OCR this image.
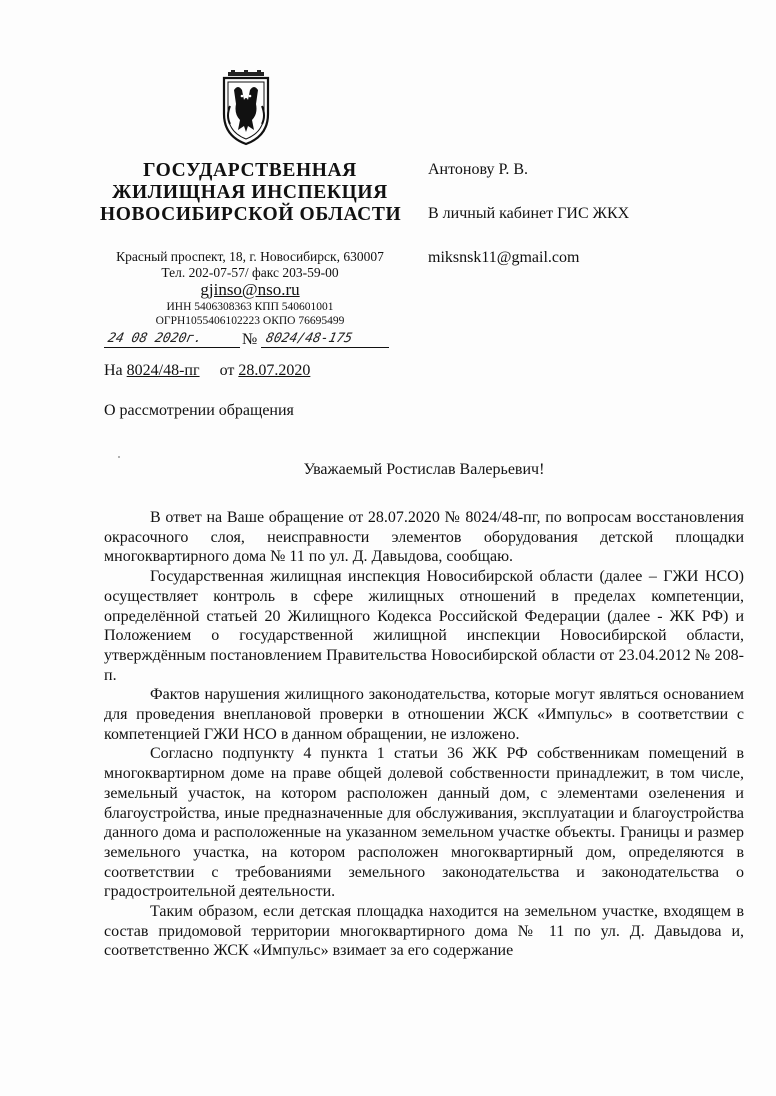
ГОСУДАРСТВЕННАЯ
ЖИЛИЩНАЯ ИНСПЕКЦИЯ
НОВОСИБИРСКОЙ ОБЛАСТИ
Красный проспект, 18, г. Новосибирск, 630007
Тел. 202-07-57/ факс 203-59-00
gjinso@nso.ru
ИНН 5406308363 КПП 540601001
ОГРН1055406102223 ОКПО 76695499
24 08 2020г. № 8024/48-175
На 8024/48-пг от 28.07.2020
О рассмотрении обращения
Антонову Р. В.
В личный кабинет ГИС ЖКХ
miksnsk11@gmail.com
Уважаемый Ростислав Валерьевич!

В ответ на Ваше обращение от 28.07.2020 № 8024/48-пг, по вопросам восстановления окрасочного слоя, неисправности элементов оборудования детской площадки многоквартирного дома № 11 по ул. Д. Давыдова, сообщаю.

Государственная жилищная инспекция Новосибирской области (далее – ГЖИ НСО) осуществляет контроль в сфере жилищных отношений в пределах компетенции, определённой статьей 20 Жилищного Кодекса Российской Федерации (далее - ЖК РФ) и Положением о государственной жилищной инспекции Новосибирской области, утверждённым постановлением Правительства Новосибирской области от 23.04.2012 № 208-п.

Фактов нарушения жилищного законодательства, которые могут являться основанием для проведения внеплановой проверки в отношении ЖСК «Импульс» в соответствии с компетенцией ГЖИ НСО в данном обращении, не изложено.

Согласно подпункту 4 пункта 1 статьи 36 ЖК РФ собственникам помещений в многоквартирном доме на праве общей долевой собственности принадлежит, в том числе, земельный участок, на котором расположен данный дом, с элементами озеленения и благоустройства, иные предназначенные для обслуживания, эксплуатации и благоустройства данного дома и расположенные на указанном земельном участке объекты. Границы и размер земельного участка, на котором расположен многоквартирный дом, определяются в соответствии с требованиями земельного законодательства и законодательства о градостроительной деятельности.

Таким образом, если детская площадка находится на земельном участке, входящем в состав придомовой территории многоквартирного дома № 11 по ул. Д. Давыдова и, соответственно ЖСК «Импульс» взимает за его содержание
